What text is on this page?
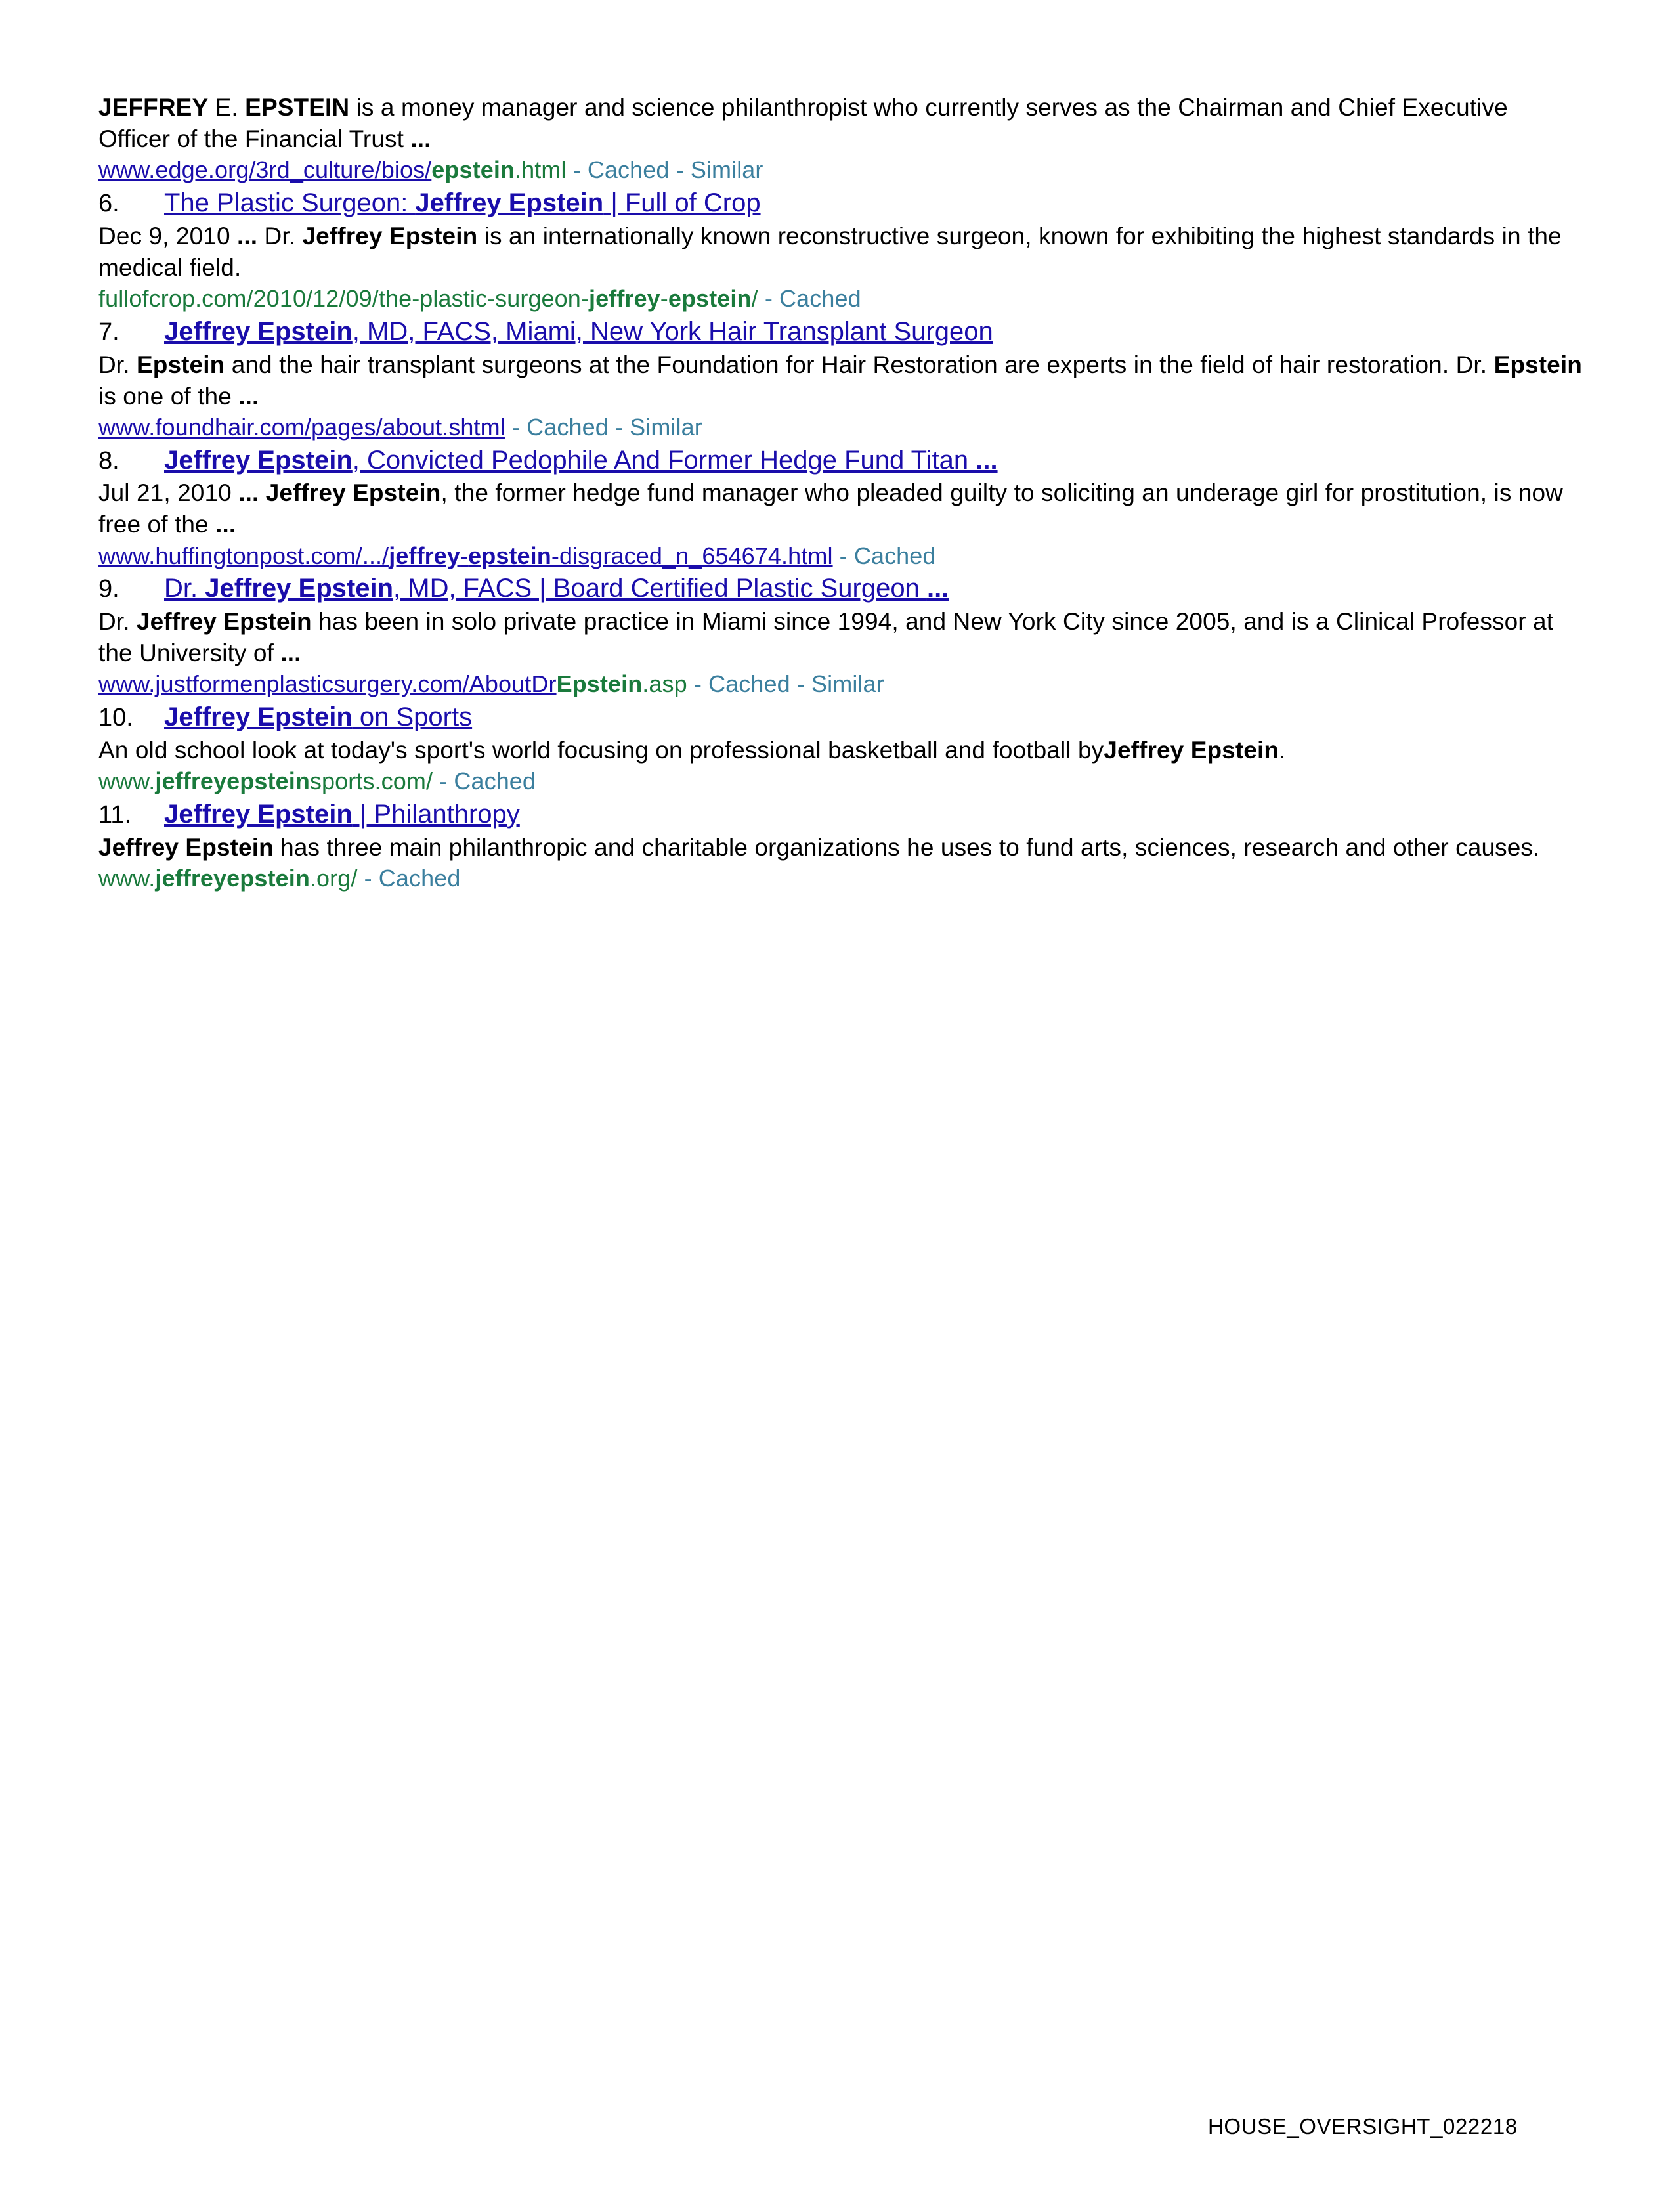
JEFFREY E. EPSTEIN is a money manager and science philanthropist who currently serves as the Chairman and Chief Executive Officer of the Financial Trust ...

www.edge.org/3rd_culture/bios/epstein.html - Cached - Similar

6.	The Plastic Surgeon: Jeffrey Epstein | Full of Crop

Dec 9, 2010 ... Dr. Jeffrey Epstein is an internationally known reconstructive surgeon, known for exhibiting the highest standards in the medical field.

fullofcrop.com/2010/12/09/the-plastic-surgeon-jeffrey-epstein/ - Cached

7.	Jeffrey Epstein, MD, FACS, Miami, New York Hair Transplant Surgeon

Dr. Epstein and the hair transplant surgeons at the Foundation for Hair Restoration are experts in the field of hair restoration. Dr. Epstein is one of the ...

www.foundhair.com/pages/about.shtml - Cached - Similar

8.	Jeffrey Epstein, Convicted Pedophile And Former Hedge Fund Titan ...

Jul 21, 2010 ... Jeffrey Epstein, the former hedge fund manager who pleaded guilty to soliciting an underage girl for prostitution, is now free of the ...

www.huffingtonpost.com/.../jeffrey-epstein-disgraced_n_654674.html - Cached

9.	Dr. Jeffrey Epstein, MD, FACS | Board Certified Plastic Surgeon ...

Dr. Jeffrey Epstein has been in solo private practice in Miami since 1994, and New York City since 2005, and is a Clinical Professor at the University of ...

www.justformenplasticsurgery.com/AboutDrEpstein.asp - Cached - Similar

10.	Jeffrey Epstein on Sports

An old school look at today's sport's world focusing on professional basketball and football byJeffrey Epstein.

www.jeffreyepsteinsports.com/ - Cached

11.	Jeffrey Epstein | Philanthropy

Jeffrey Epstein has three main philanthropic and charitable organizations he uses to fund arts, sciences, research and other causes.

www.jeffreyepstein.org/ - Cached

HOUSE_OVERSIGHT_022218
